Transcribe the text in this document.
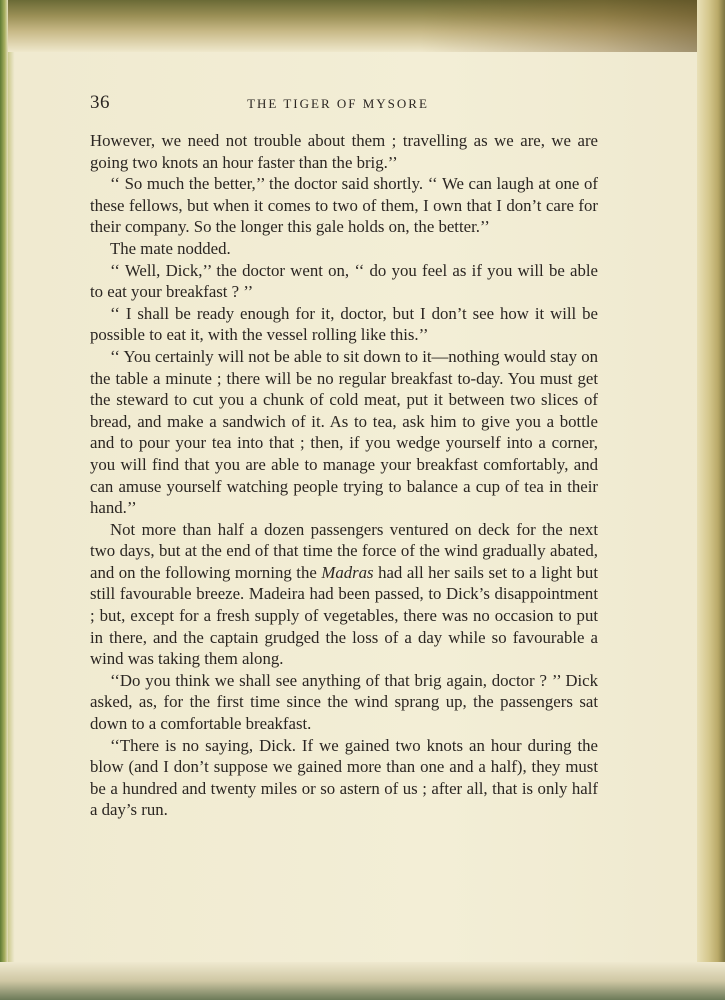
36	THE TIGER OF MYSORE

However, we need not trouble about them ; travelling as we are, we are going two knots an hour faster than the brig.’’

‘‘ So much the better,’’ the doctor said shortly. ‘‘ We can laugh at one of these fellows, but when it comes to two of them, I own that I don’t care for their company. So the longer this gale holds on, the better.’’

The mate nodded.

‘‘ Well, Dick,’’ the doctor went on, ‘‘ do you feel as if you will be able to eat your breakfast ? ’’

‘‘ I shall be ready enough for it, doctor, but I don’t see how it will be possible to eat it, with the vessel rolling like this.’’

‘‘ You certainly will not be able to sit down to it—nothing would stay on the table a minute ; there will be no regular breakfast to-day. You must get the steward to cut you a chunk of cold meat, put it between two slices of bread, and make a sandwich of it. As to tea, ask him to give you a bottle and to pour your tea into that ; then, if you wedge yourself into a corner, you will find that you are able to manage your breakfast comfortably, and can amuse yourself watching people trying to balance a cup of tea in their hand.’’

Not more than half a dozen passengers ventured on deck for the next two days, but at the end of that time the force of the wind gradually abated, and on the following morning the Madras had all her sails set to a light but still favourable breeze. Madeira had been passed, to Dick’s disappointment ; but, except for a fresh supply of vegetables, there was no occasion to put in there, and the captain grudged the loss of a day while so favourable a wind was taking them along.

‘‘Do you think we shall see anything of that brig again, doctor ? ’’ Dick asked, as, for the first time since the wind sprang up, the passengers sat down to a comfortable breakfast.

‘‘There is no saying, Dick. If we gained two knots an hour during the blow (and I don’t suppose we gained more than one and a half), they must be a hundred and twenty miles or so astern of us ; after all, that is only half a day’s run.
